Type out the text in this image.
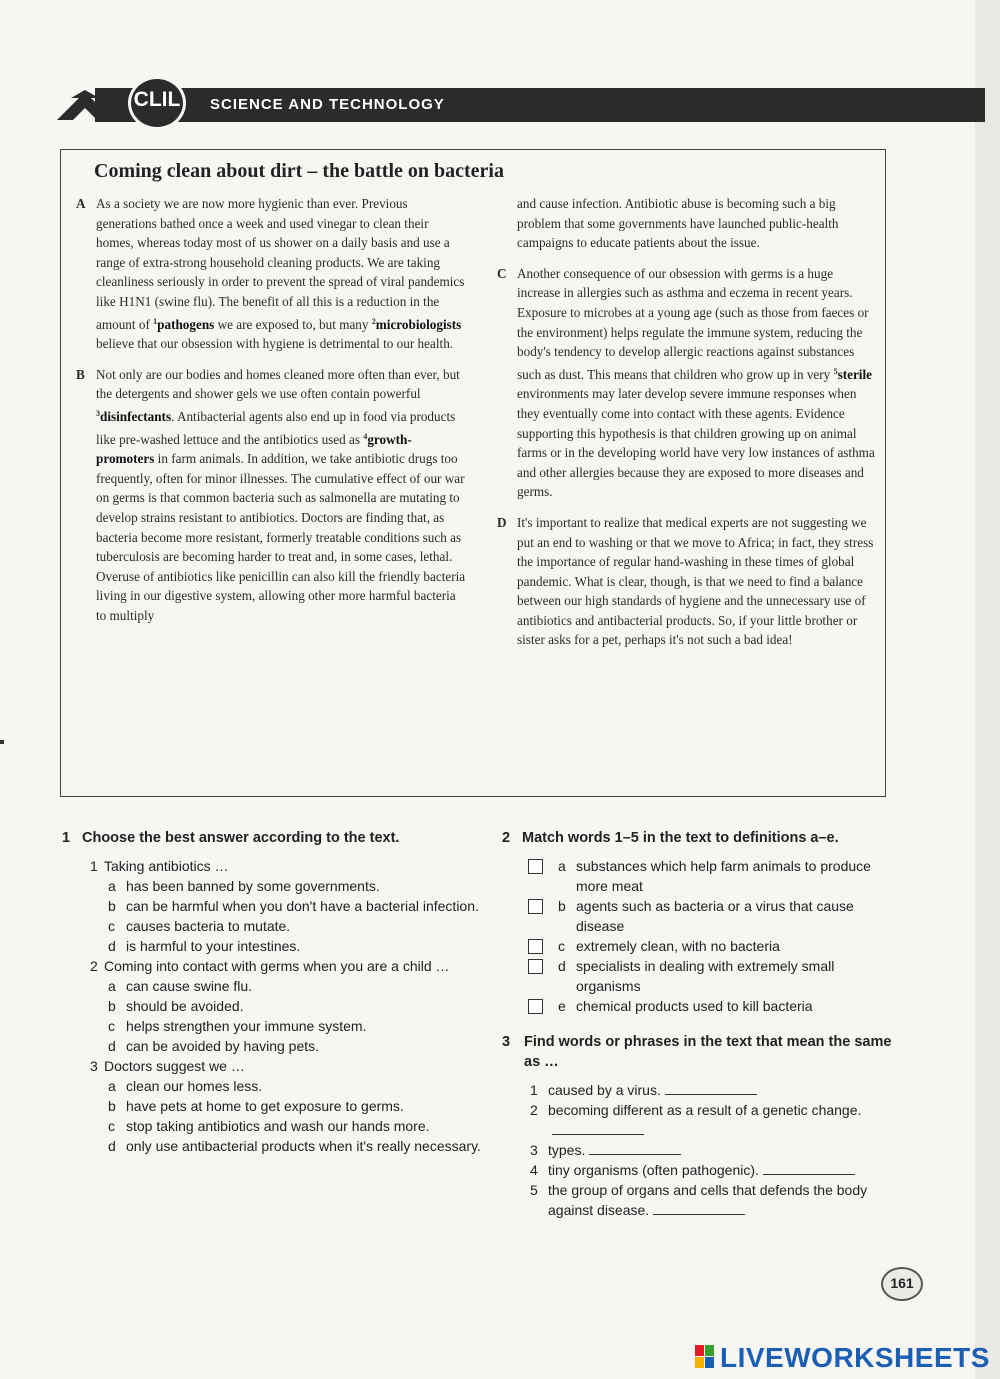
CLIL	SCIENCE AND TECHNOLOGY
Coming clean about dirt – the battle on bacteria

A As a society we are now more hygienic than ever. Previous generations bathed once a week and used vinegar to clean their homes, whereas today most of us shower on a daily basis and use a range of extra-strong household cleaning products. We are taking cleanliness seriously in order to prevent the spread of viral pandemics like H1N1 (swine flu). The benefit of all this is a reduction in the amount of $^1$pathogens we are exposed to, but many $^2$microbiologists believe that our obsession with hygiene is detrimental to our health.

B Not only are our bodies and homes cleaned more often than ever, but the detergents and shower gels we use often contain powerful $^3$disinfectants. Antibacterial agents also end up in food via products like pre-washed lettuce and the antibiotics used as $^4$growth-promoters in farm animals. In addition, we take antibiotic drugs too frequently, often for minor illnesses. The cumulative effect of our war on germs is that common bacteria such as salmonella are mutating to develop strains resistant to antibiotics. Doctors are finding that, as bacteria become more resistant, formerly treatable conditions such as tuberculosis are becoming harder to treat and, in some cases, lethal. Overuse of antibiotics like penicillin can also kill the friendly bacteria living in our digestive system, allowing other more harmful bacteria to multiply

and cause infection. Antibiotic abuse is becoming such a big problem that some governments have launched public-health campaigns to educate patients about the issue.

C Another consequence of our obsession with germs is a huge increase in allergies such as asthma and eczema in recent years. Exposure to microbes at a young age (such as those from faeces or the environment) helps regulate the immune system, reducing the body's tendency to develop allergic reactions against substances such as dust. This means that children who grow up in very $^5$sterile environments may later develop severe immune responses when they eventually come into contact with these agents. Evidence supporting this hypothesis is that children growing up on animal farms or in the developing world have very low instances of asthma and other allergies because they are exposed to more diseases and germs.

D It's important to realize that medical experts are not suggesting we put an end to washing or that we move to Africa; in fact, they stress the importance of regular hand-washing in these times of global pandemic. What is clear, though, is that we need to find a balance between our high standards of hygiene and the unnecessary use of antibiotics and antibacterial products. So, if your little brother or sister asks for a pet, perhaps it's not such a bad idea!

1 Choose the best answer according to the text.
1 Taking antibiotics …
a has been banned by some governments.
b can be harmful when you don't have a bacterial infection.
c causes bacteria to mutate.
d is harmful to your intestines.
2 Coming into contact with germs when you are a child …
a can cause swine flu.
b should be avoided.
c helps strengthen your immune system.
d can be avoided by having pets.
3 Doctors suggest we …
a clean our homes less.
b have pets at home to get exposure to germs.
c stop taking antibiotics and wash our hands more.
d only use antibacterial products when it's really necessary.
2 Match words 1–5 in the text to definitions a–e.
a substances which help farm animals to produce more meat
b agents such as bacteria or a virus that cause disease
c extremely clean, with no bacteria
d specialists in dealing with extremely small organisms
e chemical products used to kill bacteria
3 Find words or phrases in the text that mean the same as …
1 caused by a virus.
2 becoming different as a result of a genetic change.
3 types.
4 tiny organisms (often pathogenic).
5 the group of organs and cells that defends the body against disease.
161
LIVEWORKSHEETS
